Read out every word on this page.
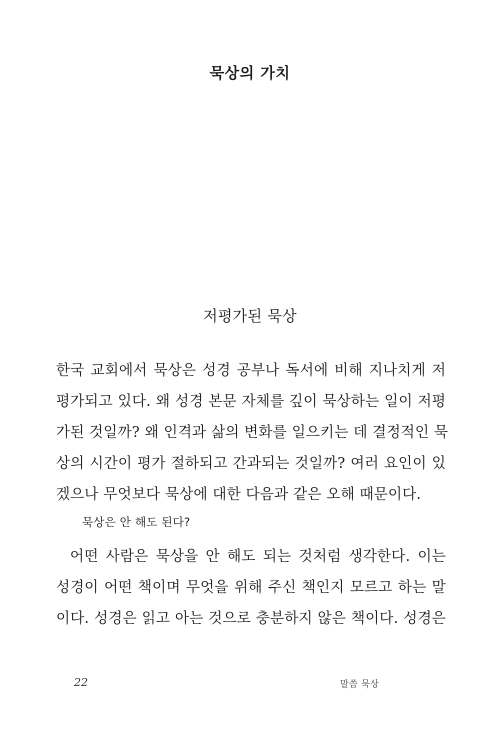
묵상의 가치
저평가된 묵상
한국 교회에서 묵상은 성경 공부나 독서에 비해 지나치게 저
평가되고 있다. 왜 성경 본문 자체를 깊이 묵상하는 일이 저평
가된 것일까? 왜 인격과 삶의 변화를 일으키는 데 결정적인 묵
상의 시간이 평가 절하되고 간과되는 것일까? 여러 요인이 있
겠으나 무엇보다 묵상에 대한 다음과 같은 오해 때문이다.
묵상은 안 해도 된다?
어떤 사람은 묵상을 안 해도 되는 것처럼 생각한다. 이는
성경이 어떤 책이며 무엇을 위해 주신 책인지 모르고 하는 말
이다. 성경은 읽고 아는 것으로 충분하지 않은 책이다. 성경은
22	말씀 묵상
